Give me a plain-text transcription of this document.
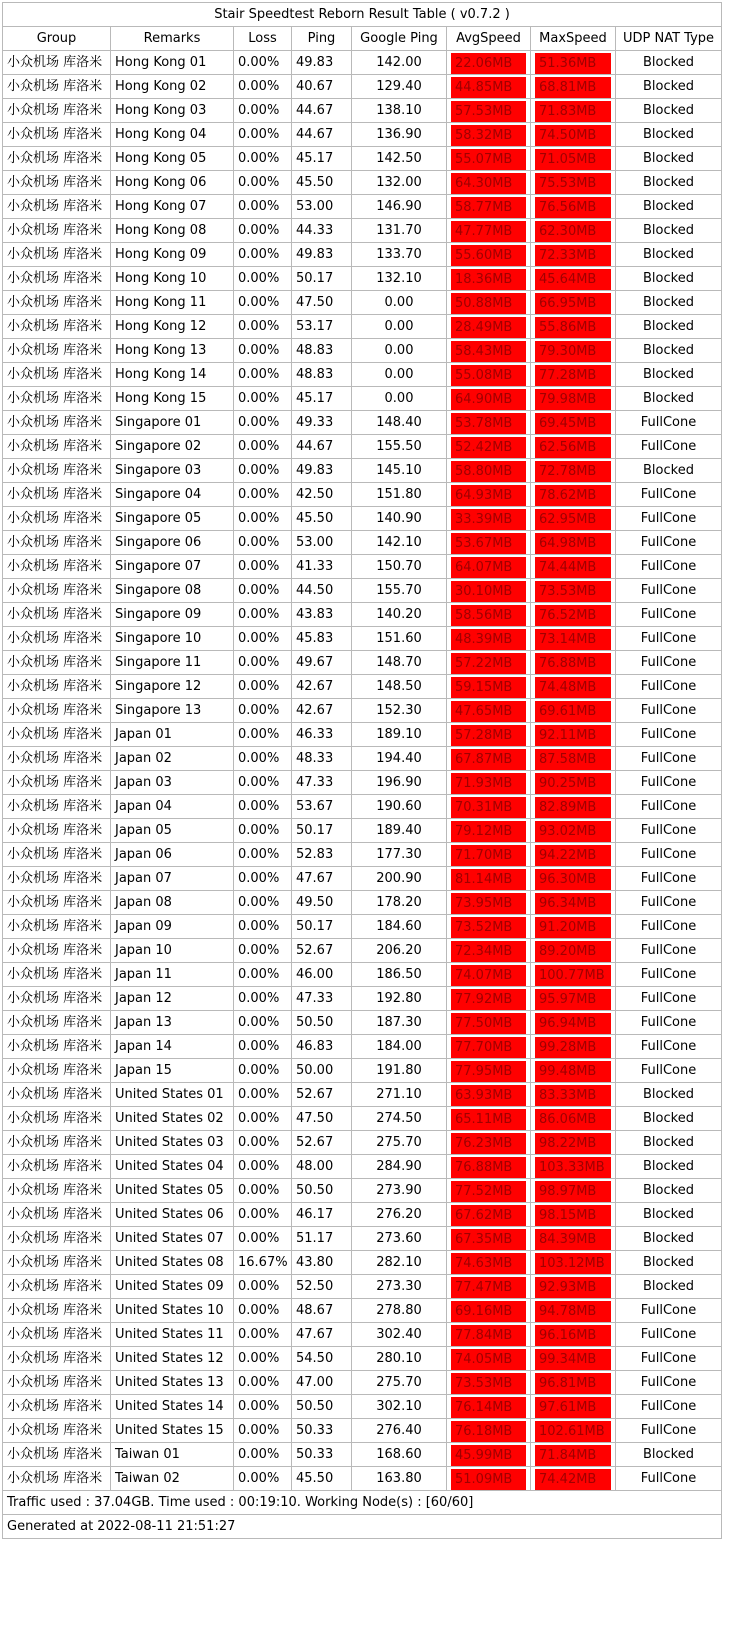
Stair Speedtest Reborn Result Table ( v0.7.2 )							
Group	Remarks	Loss	Ping	Google Ping	AvgSpeed	MaxSpeed	UDP NAT Type
小众机场 库洛米	Hong Kong 01	0.00%	49.83	142.00	22.06MB	51.36MB	Blocked
小众机场 库洛米	Hong Kong 02	0.00%	40.67	129.40	44.85MB	68.81MB	Blocked
小众机场 库洛米	Hong Kong 03	0.00%	44.67	138.10	57.53MB	71.83MB	Blocked
小众机场 库洛米	Hong Kong 04	0.00%	44.67	136.90	58.32MB	74.50MB	Blocked
小众机场 库洛米	Hong Kong 05	0.00%	45.17	142.50	55.07MB	71.05MB	Blocked
小众机场 库洛米	Hong Kong 06	0.00%	45.50	132.00	64.30MB	75.53MB	Blocked
小众机场 库洛米	Hong Kong 07	0.00%	53.00	146.90	58.77MB	76.56MB	Blocked
小众机场 库洛米	Hong Kong 08	0.00%	44.33	131.70	47.77MB	62.30MB	Blocked
小众机场 库洛米	Hong Kong 09	0.00%	49.83	133.70	55.60MB	72.33MB	Blocked
小众机场 库洛米	Hong Kong 10	0.00%	50.17	132.10	18.36MB	45.64MB	Blocked
小众机场 库洛米	Hong Kong 11	0.00%	47.50	0.00	50.88MB	66.95MB	Blocked
小众机场 库洛米	Hong Kong 12	0.00%	53.17	0.00	28.49MB	55.86MB	Blocked
小众机场 库洛米	Hong Kong 13	0.00%	48.83	0.00	58.43MB	79.30MB	Blocked
小众机场 库洛米	Hong Kong 14	0.00%	48.83	0.00	55.08MB	77.28MB	Blocked
小众机场 库洛米	Hong Kong 15	0.00%	45.17	0.00	64.90MB	79.98MB	Blocked
小众机场 库洛米	Singapore 01	0.00%	49.33	148.40	53.78MB	69.45MB	FullCone
小众机场 库洛米	Singapore 02	0.00%	44.67	155.50	52.42MB	62.56MB	FullCone
小众机场 库洛米	Singapore 03	0.00%	49.83	145.10	58.80MB	72.78MB	Blocked
小众机场 库洛米	Singapore 04	0.00%	42.50	151.80	64.93MB	78.62MB	FullCone
小众机场 库洛米	Singapore 05	0.00%	45.50	140.90	33.39MB	62.95MB	FullCone
小众机场 库洛米	Singapore 06	0.00%	53.00	142.10	53.67MB	64.98MB	FullCone
小众机场 库洛米	Singapore 07	0.00%	41.33	150.70	64.07MB	74.44MB	FullCone
小众机场 库洛米	Singapore 08	0.00%	44.50	155.70	30.10MB	73.53MB	FullCone
小众机场 库洛米	Singapore 09	0.00%	43.83	140.20	58.56MB	76.52MB	FullCone
小众机场 库洛米	Singapore 10	0.00%	45.83	151.60	48.39MB	73.14MB	FullCone
小众机场 库洛米	Singapore 11	0.00%	49.67	148.70	57.22MB	76.88MB	FullCone
小众机场 库洛米	Singapore 12	0.00%	42.67	148.50	59.15MB	74.48MB	FullCone
小众机场 库洛米	Singapore 13	0.00%	42.67	152.30	47.65MB	69.61MB	FullCone
小众机场 库洛米	Japan 01	0.00%	46.33	189.10	57.28MB	92.11MB	FullCone
小众机场 库洛米	Japan 02	0.00%	48.33	194.40	67.87MB	87.58MB	FullCone
小众机场 库洛米	Japan 03	0.00%	47.33	196.90	71.93MB	90.25MB	FullCone
小众机场 库洛米	Japan 04	0.00%	53.67	190.60	70.31MB	82.89MB	FullCone
小众机场 库洛米	Japan 05	0.00%	50.17	189.40	79.12MB	93.02MB	FullCone
小众机场 库洛米	Japan 06	0.00%	52.83	177.30	71.70MB	94.22MB	FullCone
小众机场 库洛米	Japan 07	0.00%	47.67	200.90	81.14MB	96.30MB	FullCone
小众机场 库洛米	Japan 08	0.00%	49.50	178.20	73.95MB	96.34MB	FullCone
小众机场 库洛米	Japan 09	0.00%	50.17	184.60	73.52MB	91.20MB	FullCone
小众机场 库洛米	Japan 10	0.00%	52.67	206.20	72.34MB	89.20MB	FullCone
小众机场 库洛米	Japan 11	0.00%	46.00	186.50	74.07MB	100.77MB	FullCone
小众机场 库洛米	Japan 12	0.00%	47.33	192.80	77.92MB	95.97MB	FullCone
小众机场 库洛米	Japan 13	0.00%	50.50	187.30	77.50MB	96.94MB	FullCone
小众机场 库洛米	Japan 14	0.00%	46.83	184.00	77.70MB	99.28MB	FullCone
小众机场 库洛米	Japan 15	0.00%	50.00	191.80	77.95MB	99.48MB	FullCone
小众机场 库洛米	United States 01	0.00%	52.67	271.10	63.93MB	83.33MB	Blocked
小众机场 库洛米	United States 02	0.00%	47.50	274.50	65.11MB	86.06MB	Blocked
小众机场 库洛米	United States 03	0.00%	52.67	275.70	76.23MB	98.22MB	Blocked
小众机场 库洛米	United States 04	0.00%	48.00	284.90	76.88MB	103.33MB	Blocked
小众机场 库洛米	United States 05	0.00%	50.50	273.90	77.52MB	98.97MB	Blocked
小众机场 库洛米	United States 06	0.00%	46.17	276.20	67.62MB	98.15MB	Blocked
小众机场 库洛米	United States 07	0.00%	51.17	273.60	67.35MB	84.39MB	Blocked
小众机场 库洛米	United States 08	16.67%	43.80	282.10	74.63MB	103.12MB	Blocked
小众机场 库洛米	United States 09	0.00%	52.50	273.30	77.47MB	92.93MB	Blocked
小众机场 库洛米	United States 10	0.00%	48.67	278.80	69.16MB	94.78MB	FullCone
小众机场 库洛米	United States 11	0.00%	47.67	302.40	77.84MB	96.16MB	FullCone
小众机场 库洛米	United States 12	0.00%	54.50	280.10	74.05MB	99.34MB	FullCone
小众机场 库洛米	United States 13	0.00%	47.00	275.70	73.53MB	96.81MB	FullCone
小众机场 库洛米	United States 14	0.00%	50.50	302.10	76.14MB	97.61MB	FullCone
小众机场 库洛米	United States 15	0.00%	50.33	276.40	76.18MB	102.61MB	FullCone
小众机场 库洛米	Taiwan 01	0.00%	50.33	168.60	45.99MB	71.84MB	Blocked
小众机场 库洛米	Taiwan 02	0.00%	45.50	163.80	51.09MB	74.42MB	FullCone
Traffic used : 37.04GB. Time used : 00:19:10. Working Node(s) : [60/60]							
Generated at 2022-08-11 21:51:27							
